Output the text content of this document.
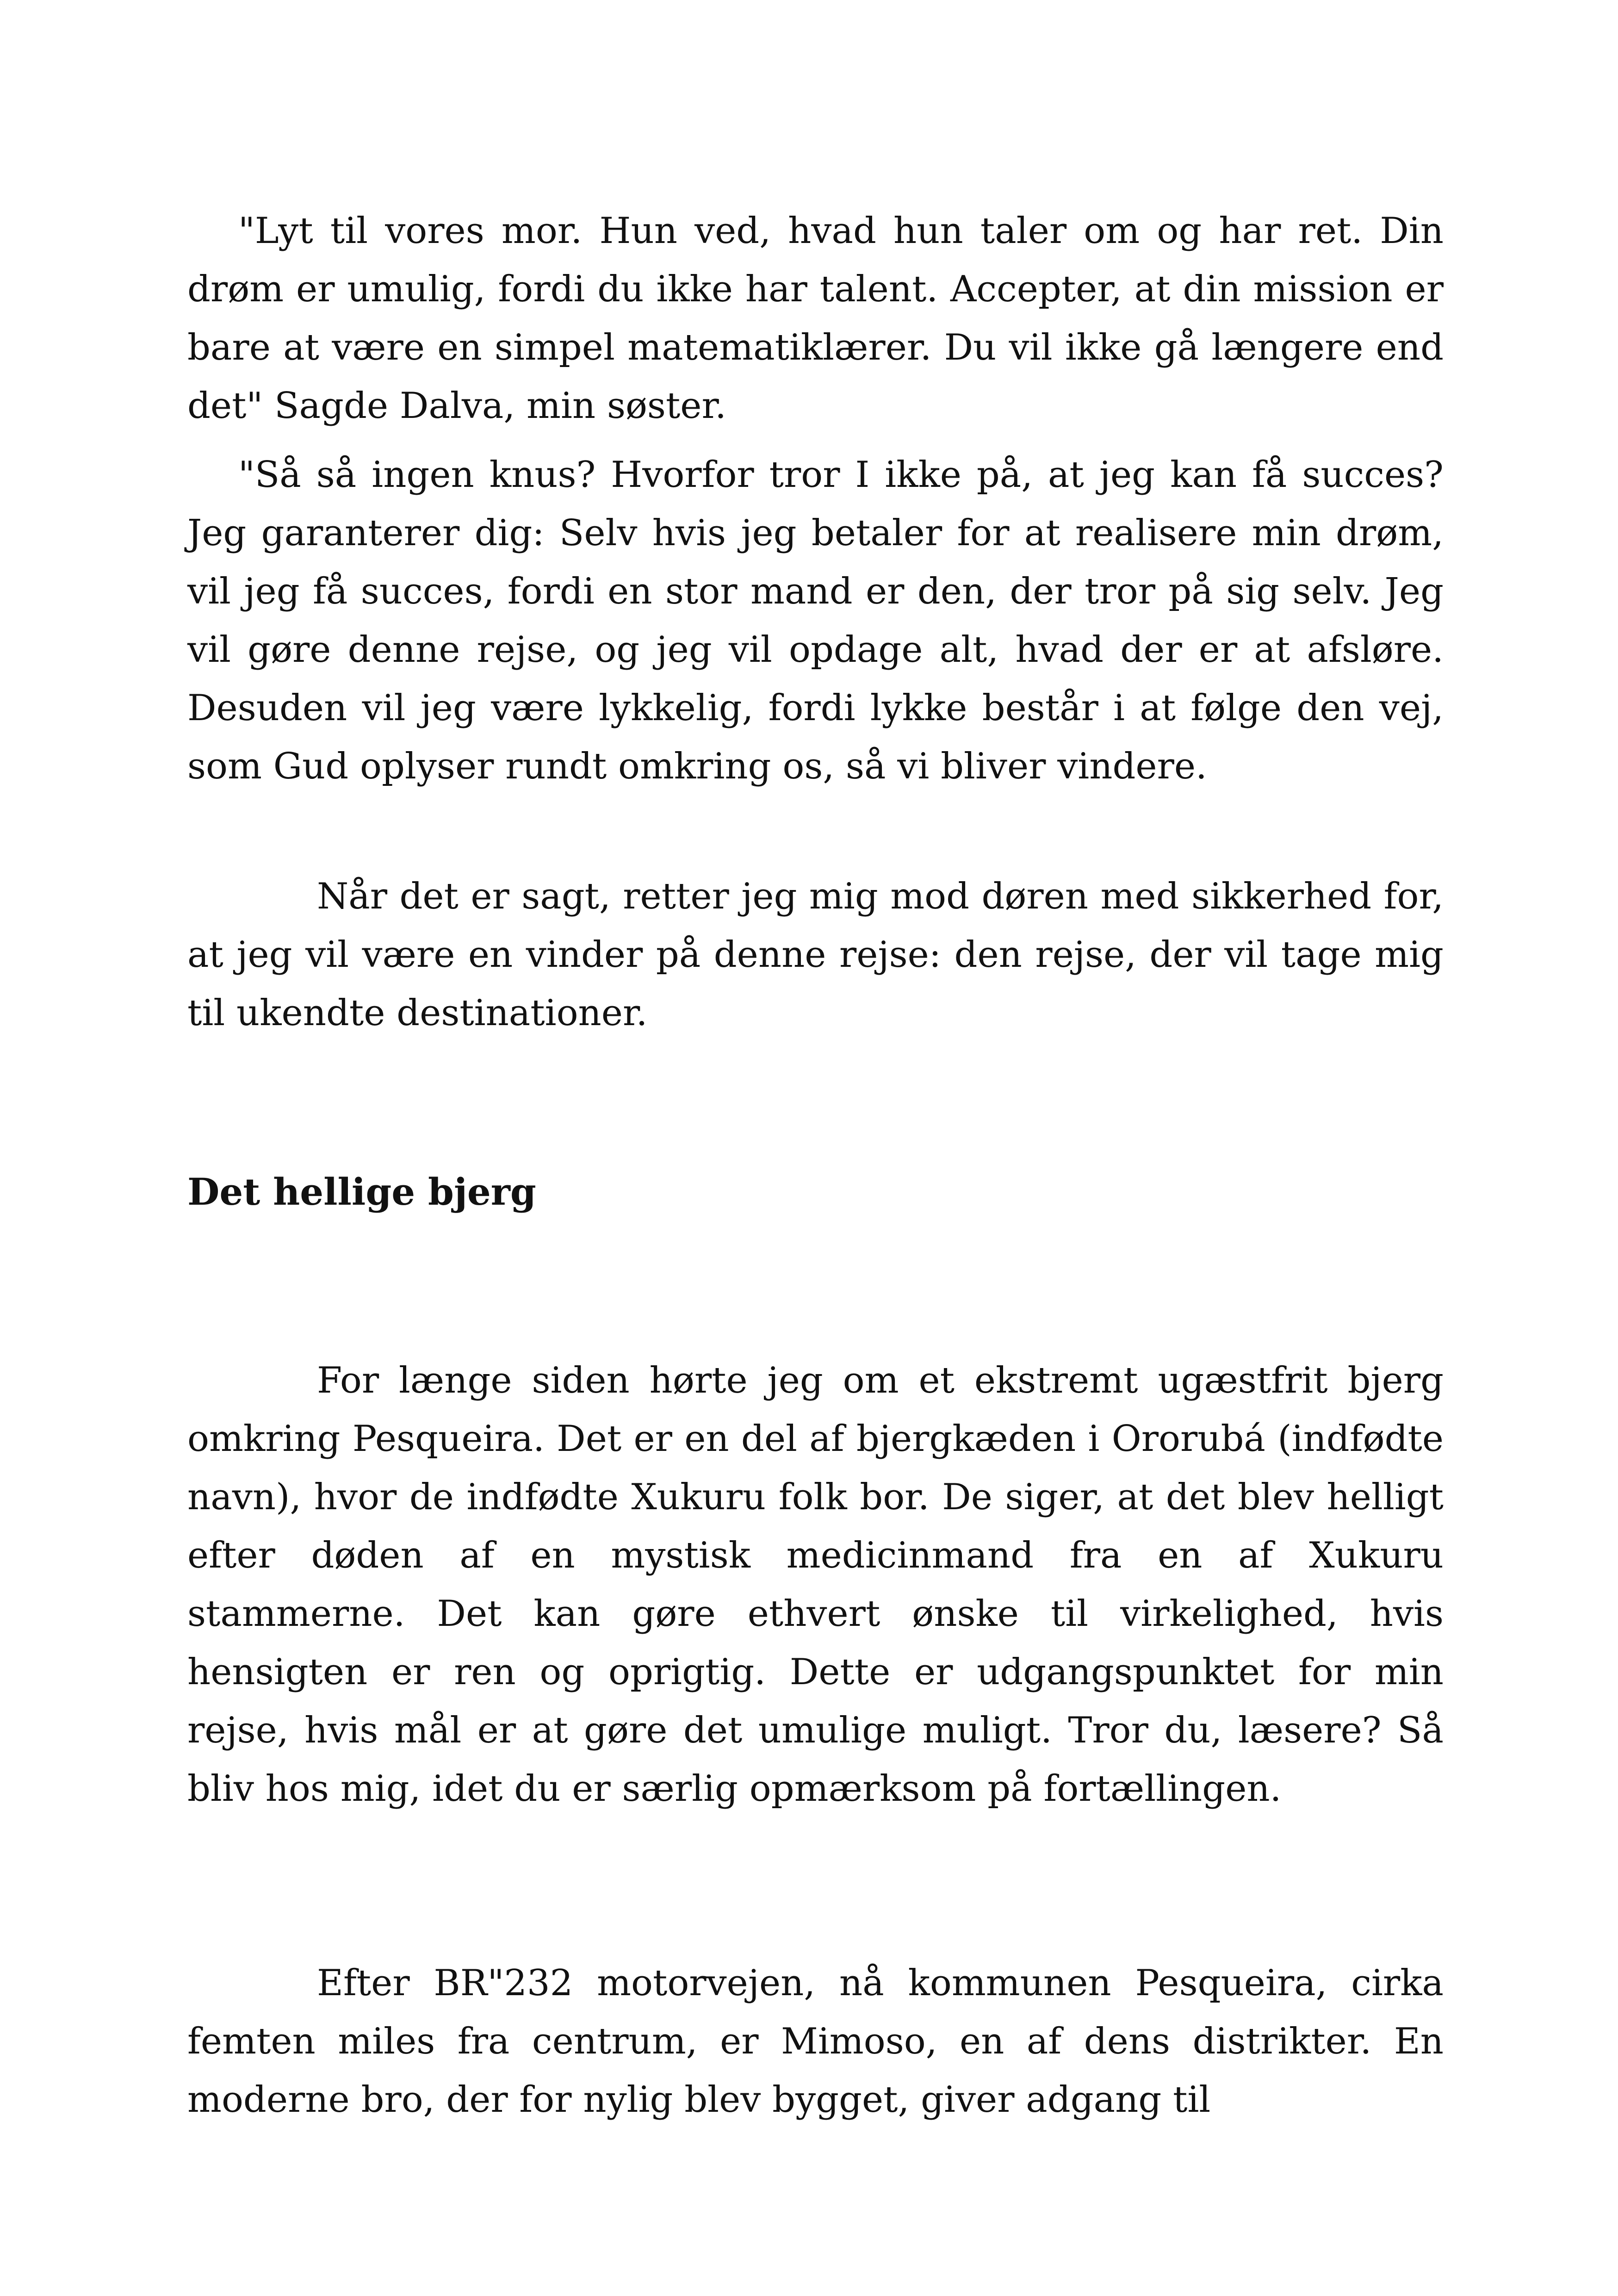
"Lyt til vores mor. Hun ved, hvad hun taler om og har ret. Din drøm er umulig, fordi du ikke har talent. Accepter, at din mission er bare at være en simpel matematiklærer. Du vil ikke gå længere end det" Sagde Dalva, min søster.

"Så så ingen knus? Hvorfor tror I ikke på, at jeg kan få succes? Jeg garanterer dig: Selv hvis jeg betaler for at realisere min drøm, vil jeg få succes, fordi en stor mand er den, der tror på sig selv. Jeg vil gøre denne rejse, og jeg vil opdage alt, hvad der er at afsløre. Desuden vil jeg være lykkelig, fordi lykke består i at følge den vej, som Gud oplyser rundt omkring os, så vi bliver vindere.

Når det er sagt, retter jeg mig mod døren med sikkerhed for, at jeg vil være en vinder på denne rejse: den rejse, der vil tage mig til ukendte destinationer.

Det hellige bjerg

For længe siden hørte jeg om et ekstremt ugæstfrit bjerg omkring Pesqueira. Det er en del af bjergkæden i Ororubá (indfødte navn), hvor de indfødte Xukuru folk bor. De siger, at det blev helligt efter døden af en mystisk medicinmand fra en af Xukuru stammerne. Det kan gøre ethvert ønske til virkelighed, hvis hensigten er ren og oprigtig. Dette er udgangspunktet for min rejse, hvis mål er at gøre det umulige muligt. Tror du, læsere? Så bliv hos mig, idet du er særlig opmærksom på fortællingen.

Efter BR"232 motorvejen, nå kommunen Pesqueira, cirka femten miles fra centrum, er Mimoso, en af dens distrikter. En moderne bro, der for nylig blev bygget, giver adgang til
